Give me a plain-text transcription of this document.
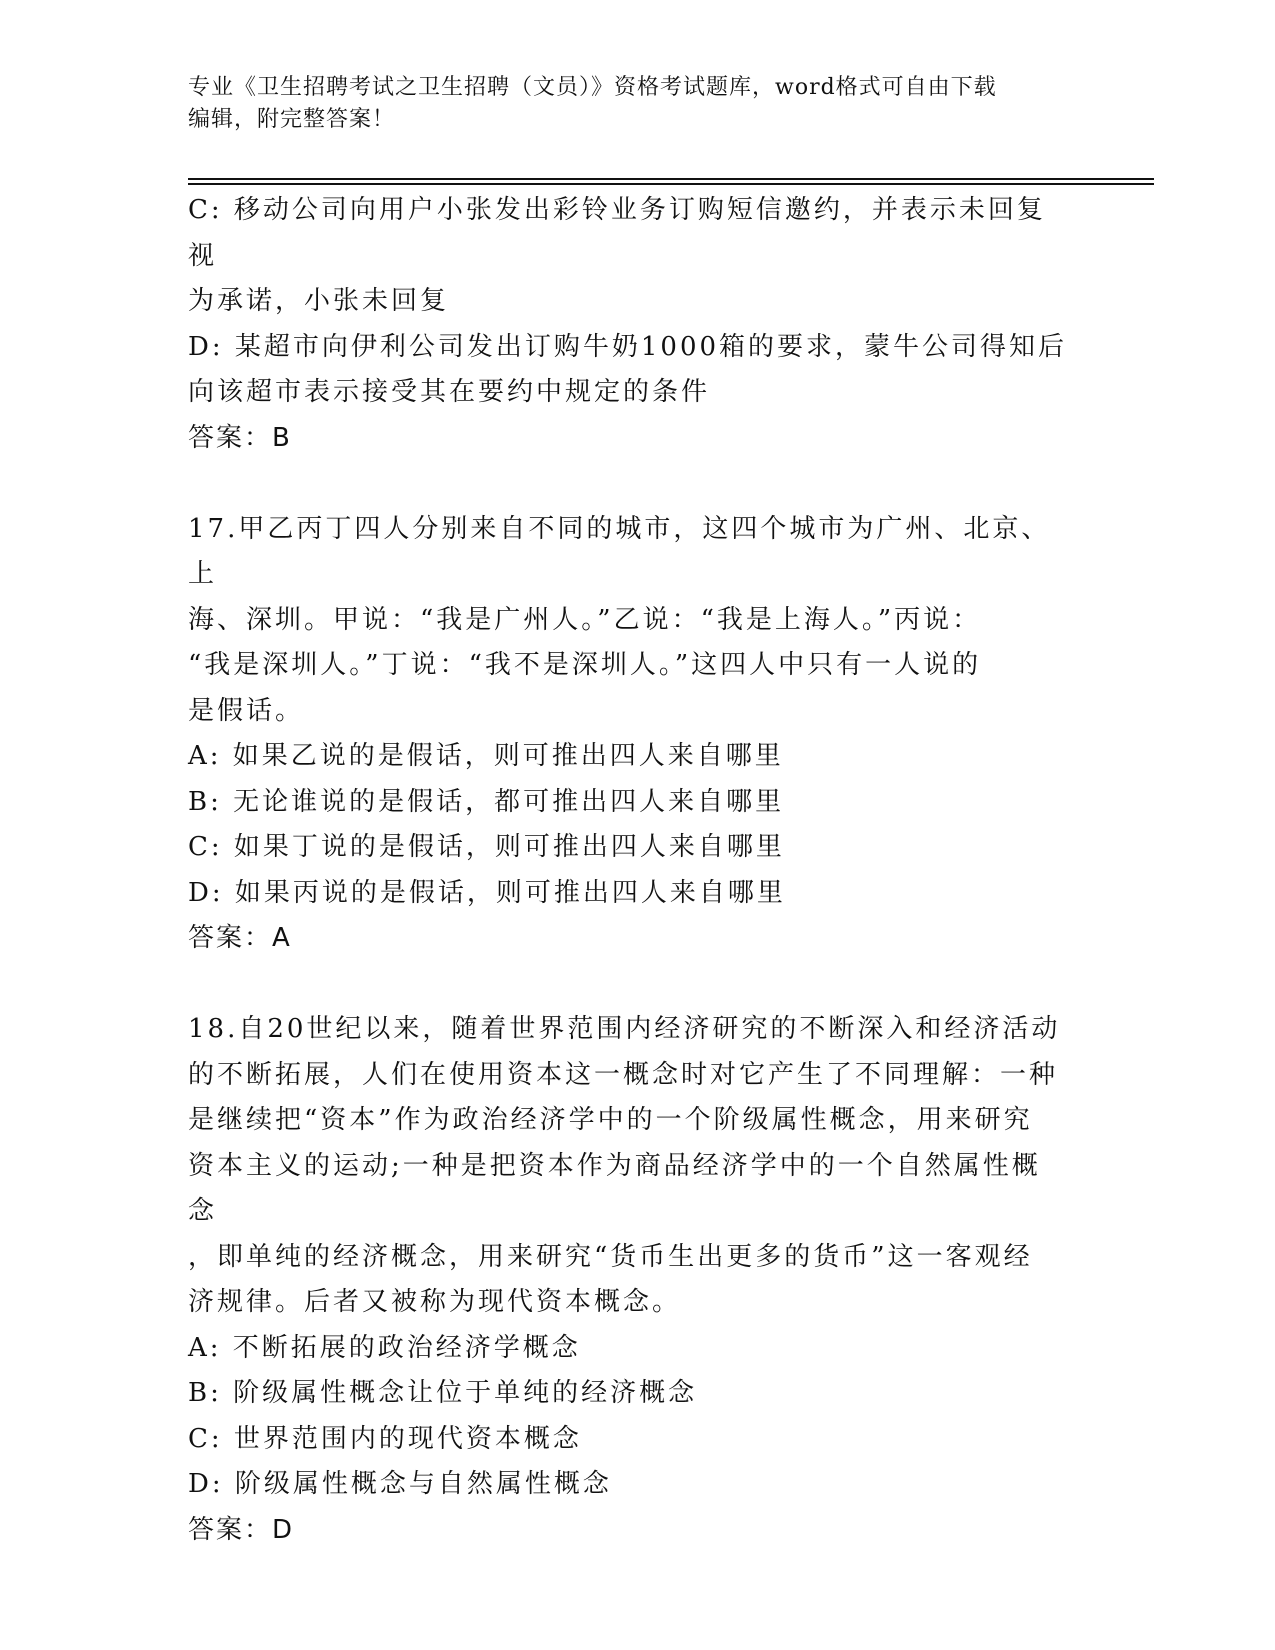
专业《卫生招聘考试之卫生招聘（文员）》资格考试题库，word格式可自由下载

编辑，附完整答案！

C: 移动公司向用户小张发出彩铃业务订购短信邀约，并表示未回复视

为承诺，小张未回复

D: 某超市向伊利公司发出订购牛奶1000箱的要求，蒙牛公司得知后

向该超市表示接受其在要约中规定的条件

答案：B

17.甲乙丙丁四人分别来自不同的城市，这四个城市为广州、北京、上

海、深圳。甲说：“我是广州人。”乙说：“我是上海人。”丙说：

“我是深圳人。”丁说：“我不是深圳人。”这四人中只有一人说的

是假话。

A: 如果乙说的是假话，则可推出四人来自哪里

B: 无论谁说的是假话，都可推出四人来自哪里

C: 如果丁说的是假话，则可推出四人来自哪里

D: 如果丙说的是假话，则可推出四人来自哪里

答案：A

18.自20世纪以来，随着世界范围内经济研究的不断深入和经济活动

的不断拓展，人们在使用资本这一概念时对它产生了不同理解：一种

是继续把“资本”作为政治经济学中的一个阶级属性概念，用来研究

资本主义的运动;一种是把资本作为商品经济学中的一个自然属性概念

，即单纯的经济概念，用来研究“货币生出更多的货币”这一客观经

济规律。后者又被称为现代资本概念。

A: 不断拓展的政治经济学概念

B: 阶级属性概念让位于单纯的经济概念

C: 世界范围内的现代资本概念

D: 阶级属性概念与自然属性概念

答案：D
